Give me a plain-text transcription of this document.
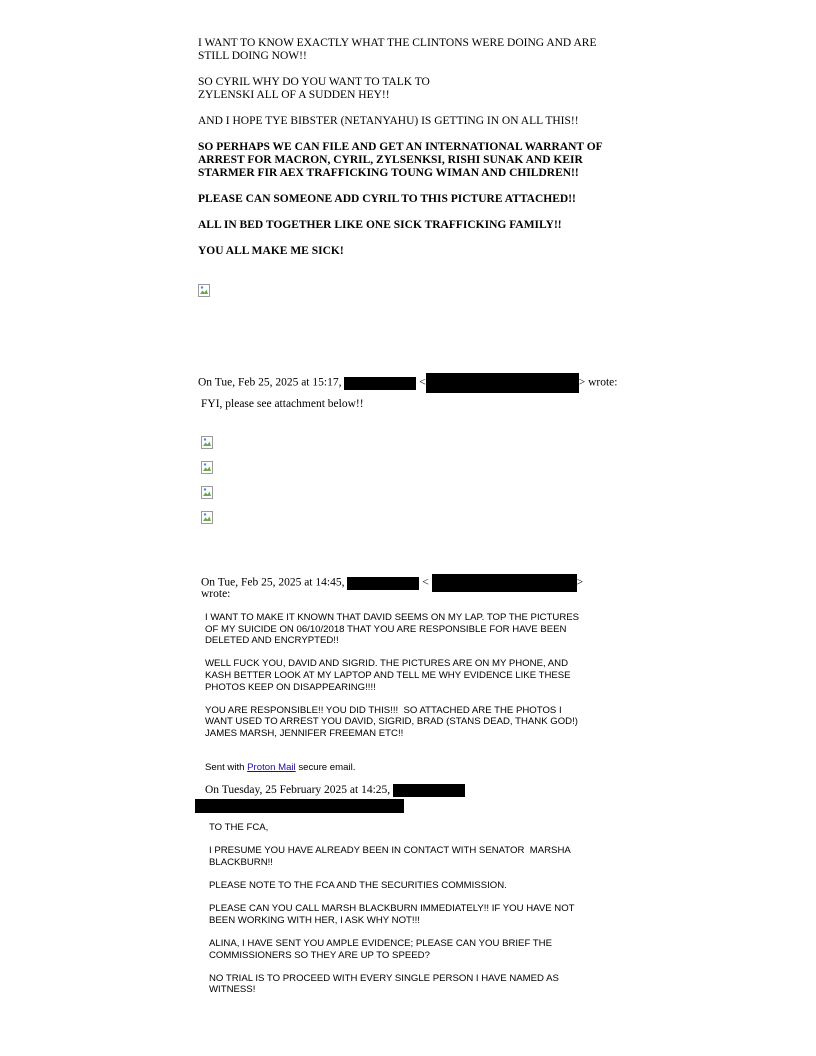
I WANT TO KNOW EXACTLY WHAT THE CLINTONS WERE DOING AND ARE
STILL DOING NOW!!

SO CYRIL WHY DO YOU WANT TO TALK TO
ZYLENSKI ALL OF A SUDDEN HEY!!

AND I HOPE TYE BIBSTER (NETANYAHU) IS GETTING IN ON ALL THIS!!

SO PERHAPS WE CAN FILE AND GET AN INTERNATIONAL WARRANT OF
ARREST FOR MACRON, CYRIL, ZYLSENKSI, RISHI SUNAK AND KEIR
STARMER FIR AEX TRAFFICKING TOUNG WIMAN AND CHILDREN!!

PLEASE CAN SOMEONE ADD CYRIL TO THIS PICTURE ATTACHED!!

ALL IN BED TOGETHER LIKE ONE SICK TRAFFICKING FAMILY!!

YOU ALL MAKE ME SICK!

On Tue, Feb 25, 2025 at 15:17,	<	> wrote:
FYI, please see attachment below!!
On Tue, Feb 25, 2025 at 14:45,	<	>
wrote:

I WANT TO MAKE IT KNOWN THAT DAVID SEEMS ON MY LAP. TOP THE PICTURES
OF MY SUICIDE ON 06/10/2018 THAT YOU ARE RESPONSIBLE FOR HAVE BEEN
DELETED AND ENCRYPTED!!

WELL FUCK YOU, DAVID AND SIGRID. THE PICTURES ARE ON MY PHONE, AND
KASH BETTER LOOK AT MY LAPTOP AND TELL ME WHY EVIDENCE LIKE THESE
PHOTOS KEEP ON DISAPPEARING!!!!

YOU ARE RESPONSIBLE!! YOU DID THIS!!!  SO ATTACHED ARE THE PHOTOS I
WANT USED TO ARREST YOU DAVID, SIGRID, BRAD (STANS DEAD, THANK GOD!)
JAMES MARSH, JENNIFER FREEMAN ETC!!

Sent with Proton Mail secure email.
On Tuesday, 25 February 2025 at 14:25,

TO THE FCA,

I PRESUME YOU HAVE ALREADY BEEN IN CONTACT WITH SENATOR  MARSHA
BLACKBURN!!

PLEASE NOTE TO THE FCA AND THE SECURITIES COMMISSION.

PLEASE CAN YOU CALL MARSH BLACKBURN IMMEDIATELY!! IF YOU HAVE NOT
BEEN WORKING WITH HER, I ASK WHY NOT!!!

ALINA, I HAVE SENT YOU AMPLE EVIDENCE; PLEASE CAN YOU BRIEF THE
COMMISSIONERS SO THEY ARE UP TO SPEED?

NO TRIAL IS TO PROCEED WITH EVERY SINGLE PERSON I HAVE NAMED AS
WITNESS!
